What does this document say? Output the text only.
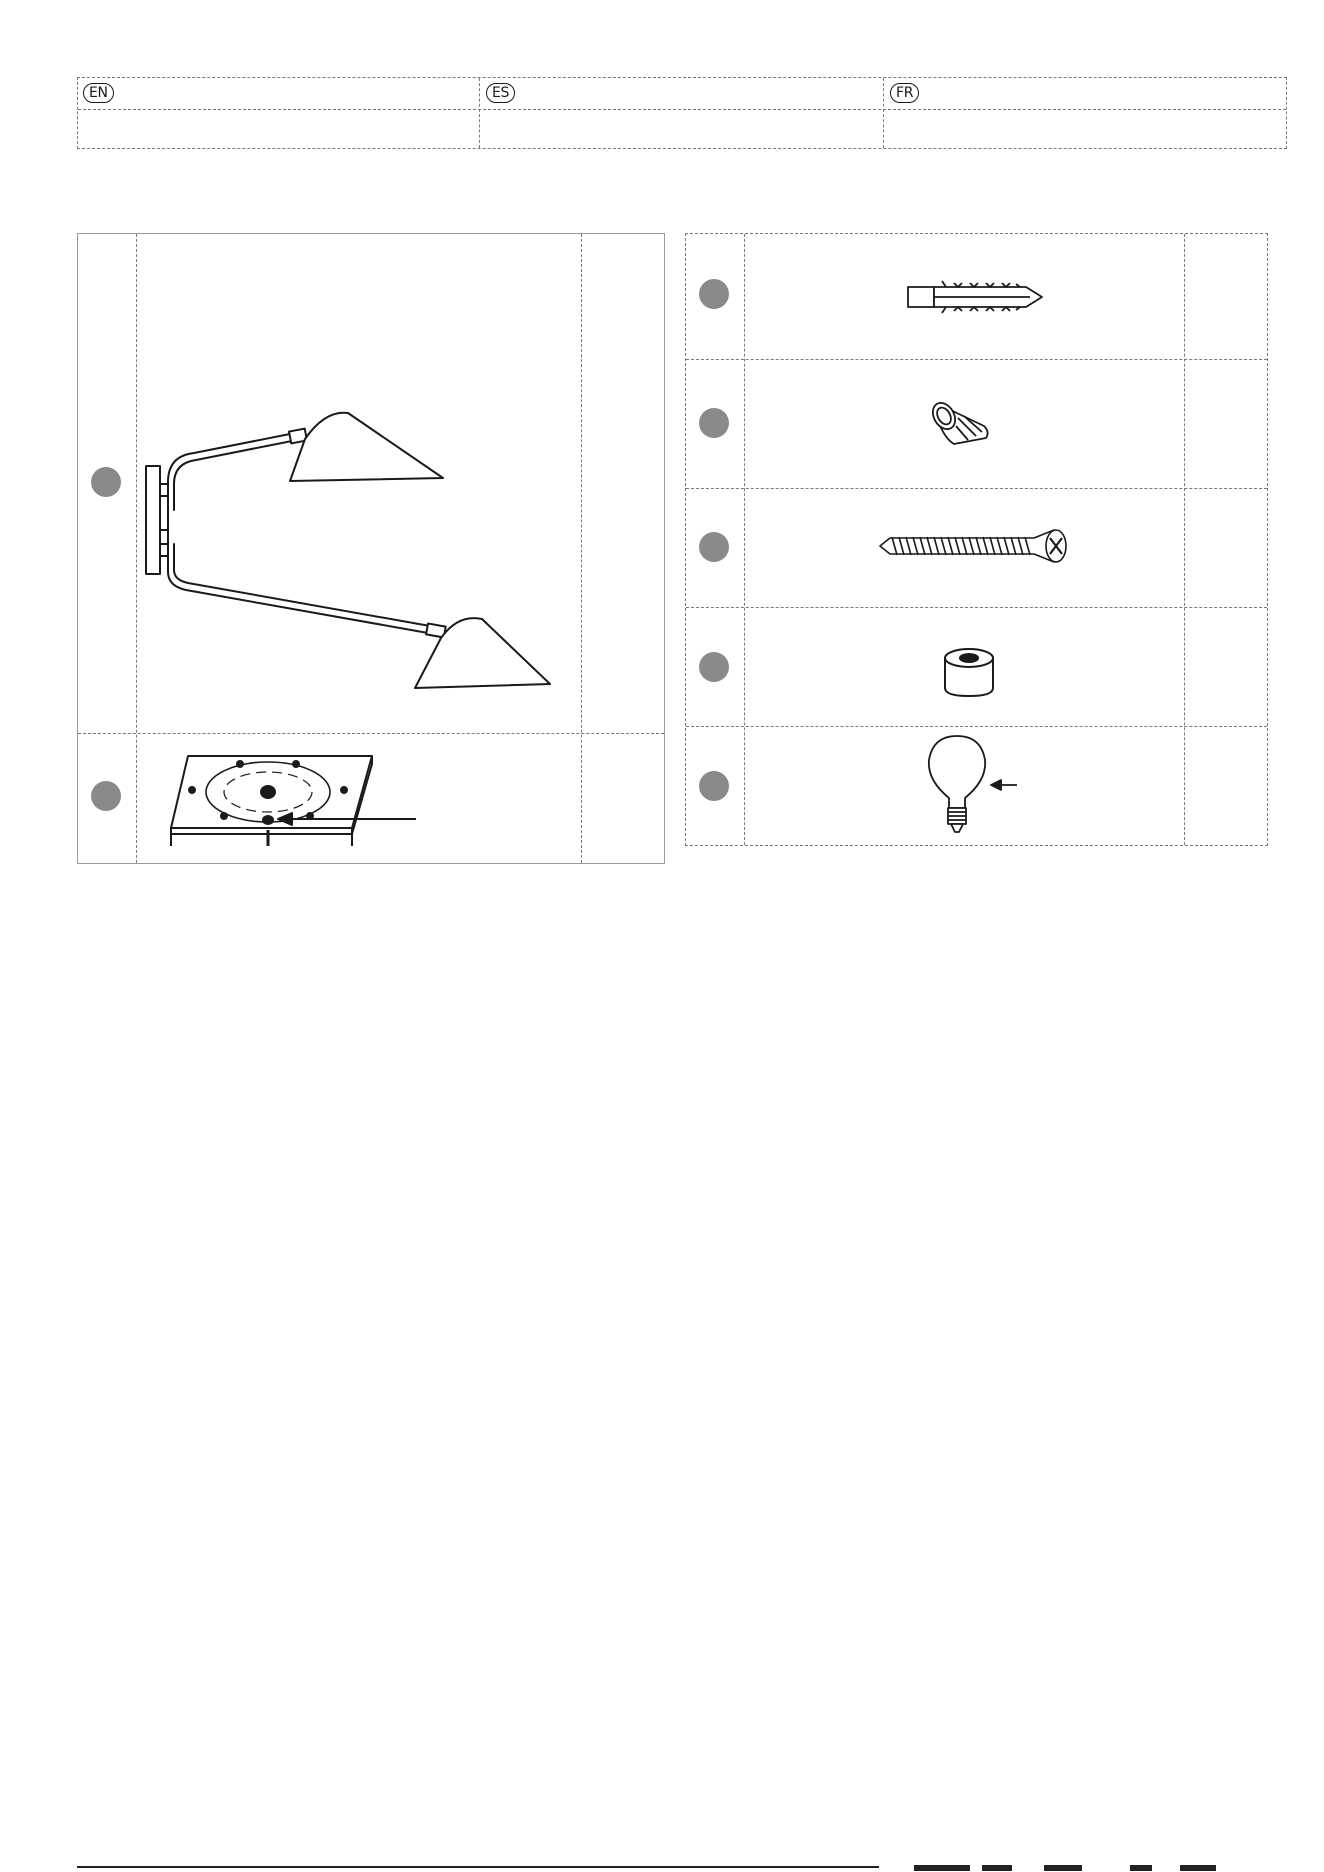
EN	ES	FR
